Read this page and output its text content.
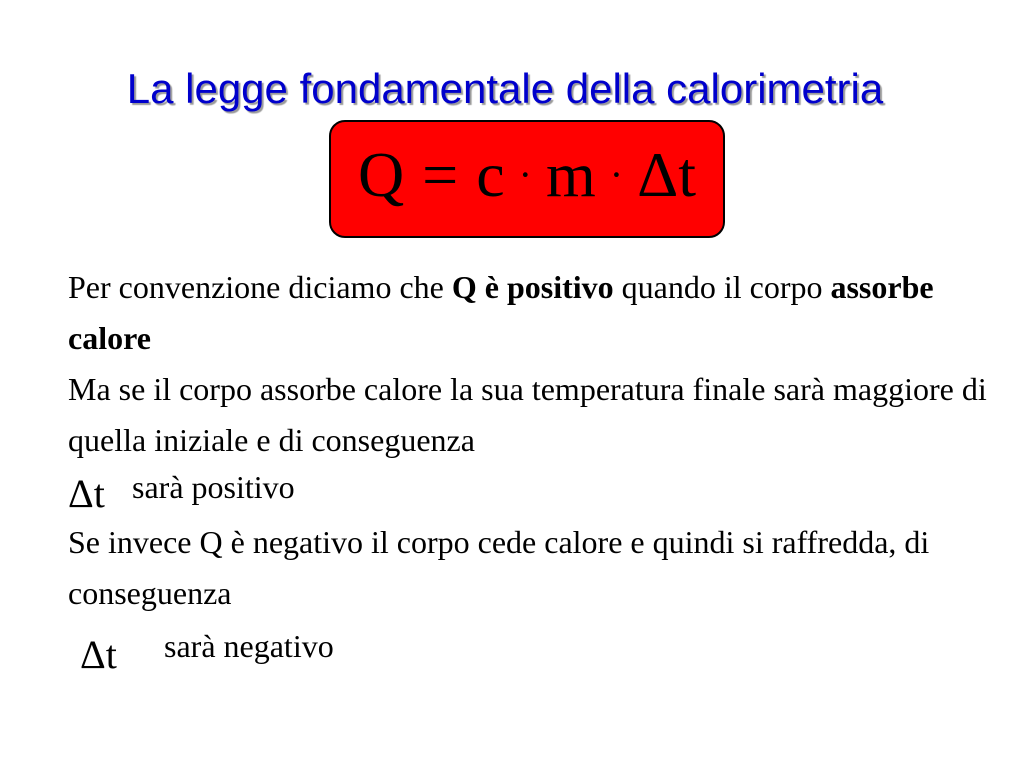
La legge fondamentale della calorimetria
Q = c · m · Δt

Per convenzione diciamo che Q è positivo quando il corpo assorbe calore

Ma se il corpo assorbe calore la sua temperatura finale sarà maggiore di quella iniziale e di conseguenza

Δt sarà positivo

Se invece Q è negativo il corpo cede calore e quindi si raffredda, di conseguenza

Δt sarà negativo
